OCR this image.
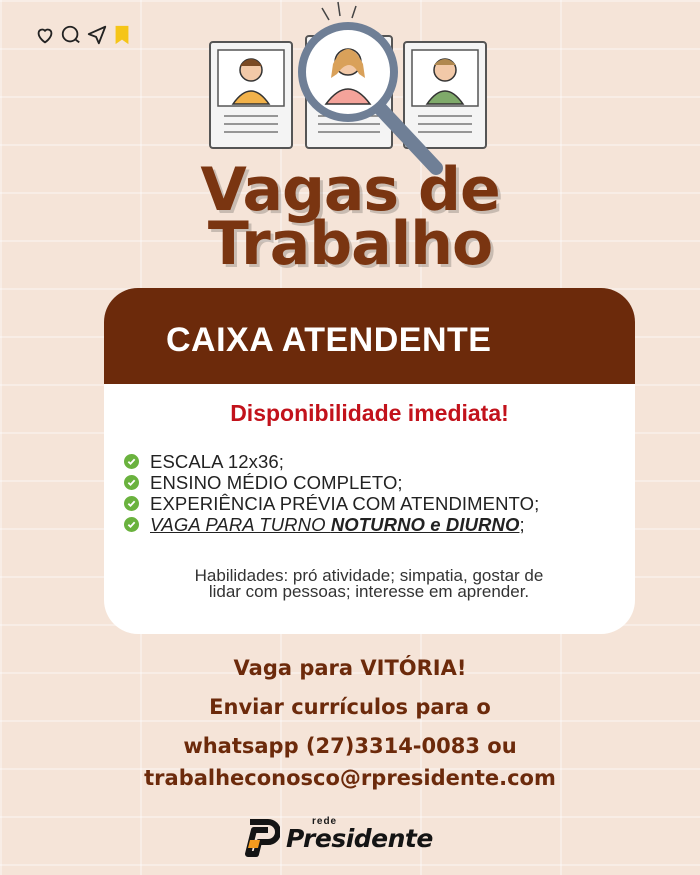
Vagas de
Trabalho
CAIXA ATENDENTE
Disponibilidade imediata!
ESCALA 12x36;
ENSINO MÉDIO COMPLETO;
EXPERIÊNCIA PRÉVIA COM ATENDIMENTO;
VAGA PARA TURNO NOTURNO e DIURNO ;
Habilidades: pró atividade; simpatia, gostar de
lidar com pessoas; interesse em aprender.
Vaga para VITÓRIA!
Enviar currículos para o
whatsapp (27)3314-0083 ou
trabalheconosco@rpresidente.com
rede
Presidente
